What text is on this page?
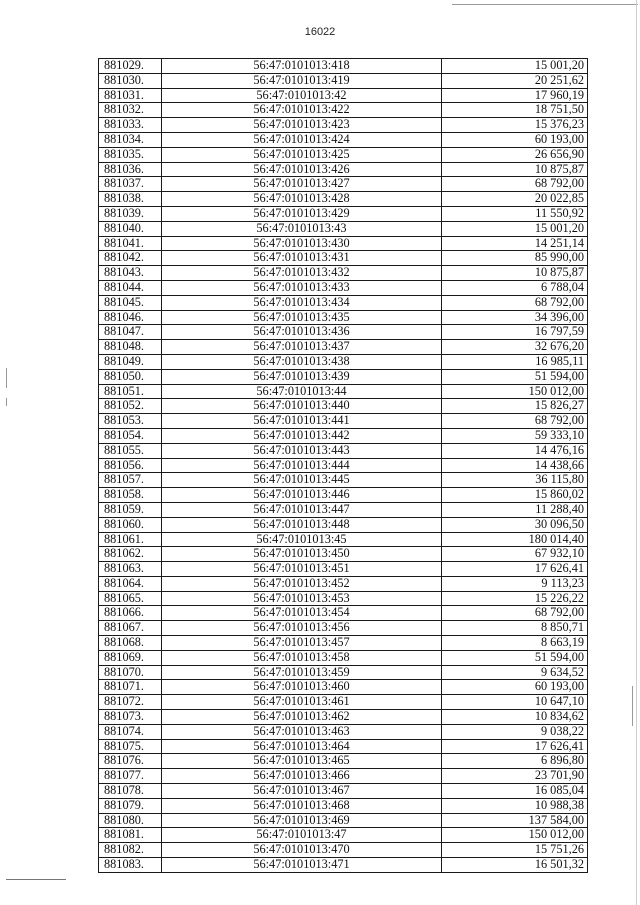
16022
881029.	56:47:0101013:418	15 001,20
881030.	56:47:0101013:419	20 251,62
881031.	56:47:0101013:42	17 960,19
881032.	56:47:0101013:422	18 751,50
881033.	56:47:0101013:423	15 376,23
881034.	56:47:0101013:424	60 193,00
881035.	56:47:0101013:425	26 656,90
881036.	56:47:0101013:426	10 875,87
881037.	56:47:0101013:427	68 792,00
881038.	56:47:0101013:428	20 022,85
881039.	56:47:0101013:429	11 550,92
881040.	56:47:0101013:43	15 001,20
881041.	56:47:0101013:430	14 251,14
881042.	56:47:0101013:431	85 990,00
881043.	56:47:0101013:432	10 875,87
881044.	56:47:0101013:433	6 788,04
881045.	56:47:0101013:434	68 792,00
881046.	56:47:0101013:435	34 396,00
881047.	56:47:0101013:436	16 797,59
881048.	56:47:0101013:437	32 676,20
881049.	56:47:0101013:438	16 985,11
881050.	56:47:0101013:439	51 594,00
881051.	56:47:0101013:44	150 012,00
881052.	56:47:0101013:440	15 826,27
881053.	56:47:0101013:441	68 792,00
881054.	56:47:0101013:442	59 333,10
881055.	56:47:0101013:443	14 476,16
881056.	56:47:0101013:444	14 438,66
881057.	56:47:0101013:445	36 115,80
881058.	56:47:0101013:446	15 860,02
881059.	56:47:0101013:447	11 288,40
881060.	56:47:0101013:448	30 096,50
881061.	56:47:0101013:45	180 014,40
881062.	56:47:0101013:450	67 932,10
881063.	56:47:0101013:451	17 626,41
881064.	56:47:0101013:452	9 113,23
881065.	56:47:0101013:453	15 226,22
881066.	56:47:0101013:454	68 792,00
881067.	56:47:0101013:456	8 850,71
881068.	56:47:0101013:457	8 663,19
881069.	56:47:0101013:458	51 594,00
881070.	56:47:0101013:459	9 634,52
881071.	56:47:0101013:460	60 193,00
881072.	56:47:0101013:461	10 647,10
881073.	56:47:0101013:462	10 834,62
881074.	56:47:0101013:463	9 038,22
881075.	56:47:0101013:464	17 626,41
881076.	56:47:0101013:465	6 896,80
881077.	56:47:0101013:466	23 701,90
881078.	56:47:0101013:467	16 085,04
881079.	56:47:0101013:468	10 988,38
881080.	56:47:0101013:469	137 584,00
881081.	56:47:0101013:47	150 012,00
881082.	56:47:0101013:470	15 751,26
881083.	56:47:0101013:471	16 501,32
